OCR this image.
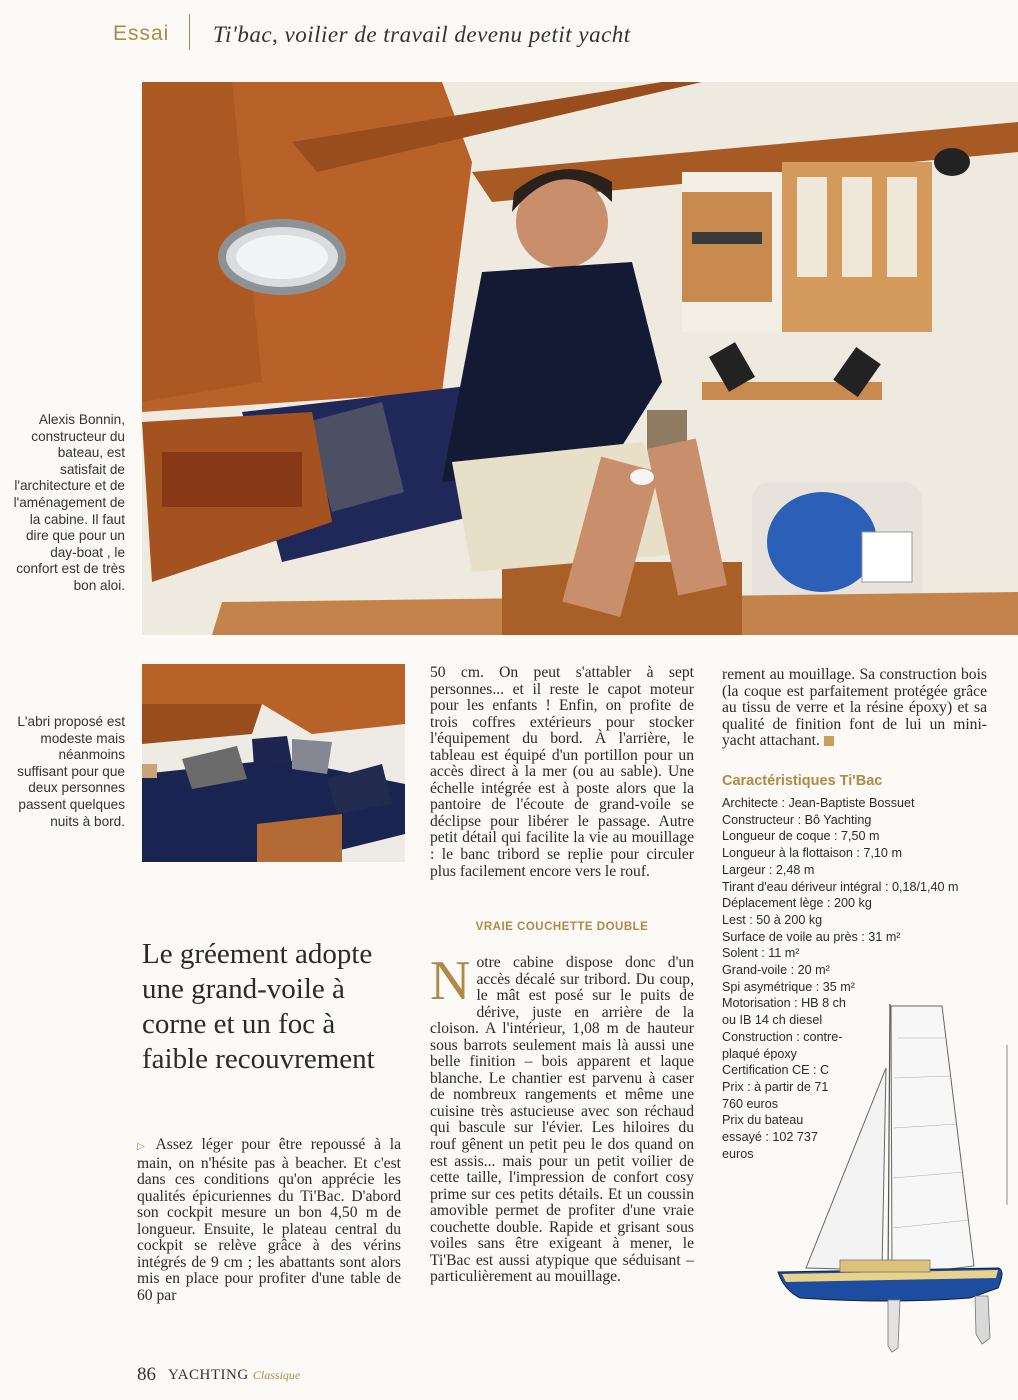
Essai Ti'bac, voilier de travail devenu petit yacht
Alexis Bonnin, constructeur du bateau, est satisfait de l'architecture et de l'aménagement de la cabine. Il faut dire que pour un day-boat , le confort est de très bon aloi.
L'abri proposé est modeste mais néanmoins suffisant pour que deux personnes passent quelques nuits à bord.
Le gréement adopte une grand-voile à corne et un foc à faible recouvrement

▷ Assez léger pour être repoussé à la main, on n'hésite pas à beacher. Et c'est dans ces conditions qu'on apprécie les qualités épicuriennes du Ti'Bac. D'abord son cockpit mesure un bon 4,50 m de longueur. Ensuite, le plateau central du cockpit se relève grâce à des vérins intégrés de 9 cm ; les abattants sont alors mis en place pour profiter d'une table de 60 par

50 cm. On peut s'attabler à sept personnes... et il reste le capot moteur pour les enfants ! Enfin, on profite de trois coffres extérieurs pour stocker l'équipement du bord. À l'arrière, le tableau est équipé d'un portillon pour un accès direct à la mer (ou au sable). Une échelle intégrée est à poste alors que la pantoire de l'écoute de grand-voile se déclipse pour libérer le passage. Autre petit détail qui facilite la vie au mouillage : le banc tribord se replie pour circuler plus facilement encore vers le rouf.

VRAIE COUCHETTE DOUBLE

Notre cabine dispose donc d'un accès décalé sur tribord. Du coup, le mât est posé sur le puits de dérive, juste en arrière de la cloison. A l'intérieur, 1,08 m de hauteur sous barrots seulement mais là aussi une belle finition – bois apparent et laque blanche. Le chantier est parvenu à caser de nombreux rangements et même une cuisine très astucieuse avec son réchaud qui bascule sur l'évier. Les hiloires du rouf gênent un petit peu le dos quand on est assis... mais pour un petit voilier de cette taille, l'impression de confort cosy prime sur ces petits détails. Et un coussin amovible permet de profiter d'une vraie couchette double. Rapide et grisant sous voiles sans être exigeant à mener, le Ti'Bac est aussi atypique que séduisant – particulièrement au mouillage.

rement au mouillage. Sa construction bois (la coque est parfaitement protégée grâce au tissu de verre et la résine époxy) et sa qualité de finition font de lui un mini-yacht attachant.

Caractéristiques Ti'Bac
Architecte : Jean-Baptiste Bossuet
Constructeur : Bô Yachting
Longueur de coque : 7,50 m
Longueur à la flottaison : 7,10 m
Largeur : 2,48 m
Tirant d'eau dériveur intégral : 0,18/1,40 m
Déplacement lège : 200 kg
Lest : 50 à 200 kg
Surface de voile au près : 31 m²
Solent : 11 m²
Grand-voile : 20 m²
Spi asymétrique : 35 m²
Motorisation : HB 8 ch
ou IB 14 ch diesel
Construction : contre-
plaqué époxy
Certification CE : C
Prix : à partir de 71
760 euros
Prix du bateau
essayé : 102 737
euros
86 YACHTING Classique
